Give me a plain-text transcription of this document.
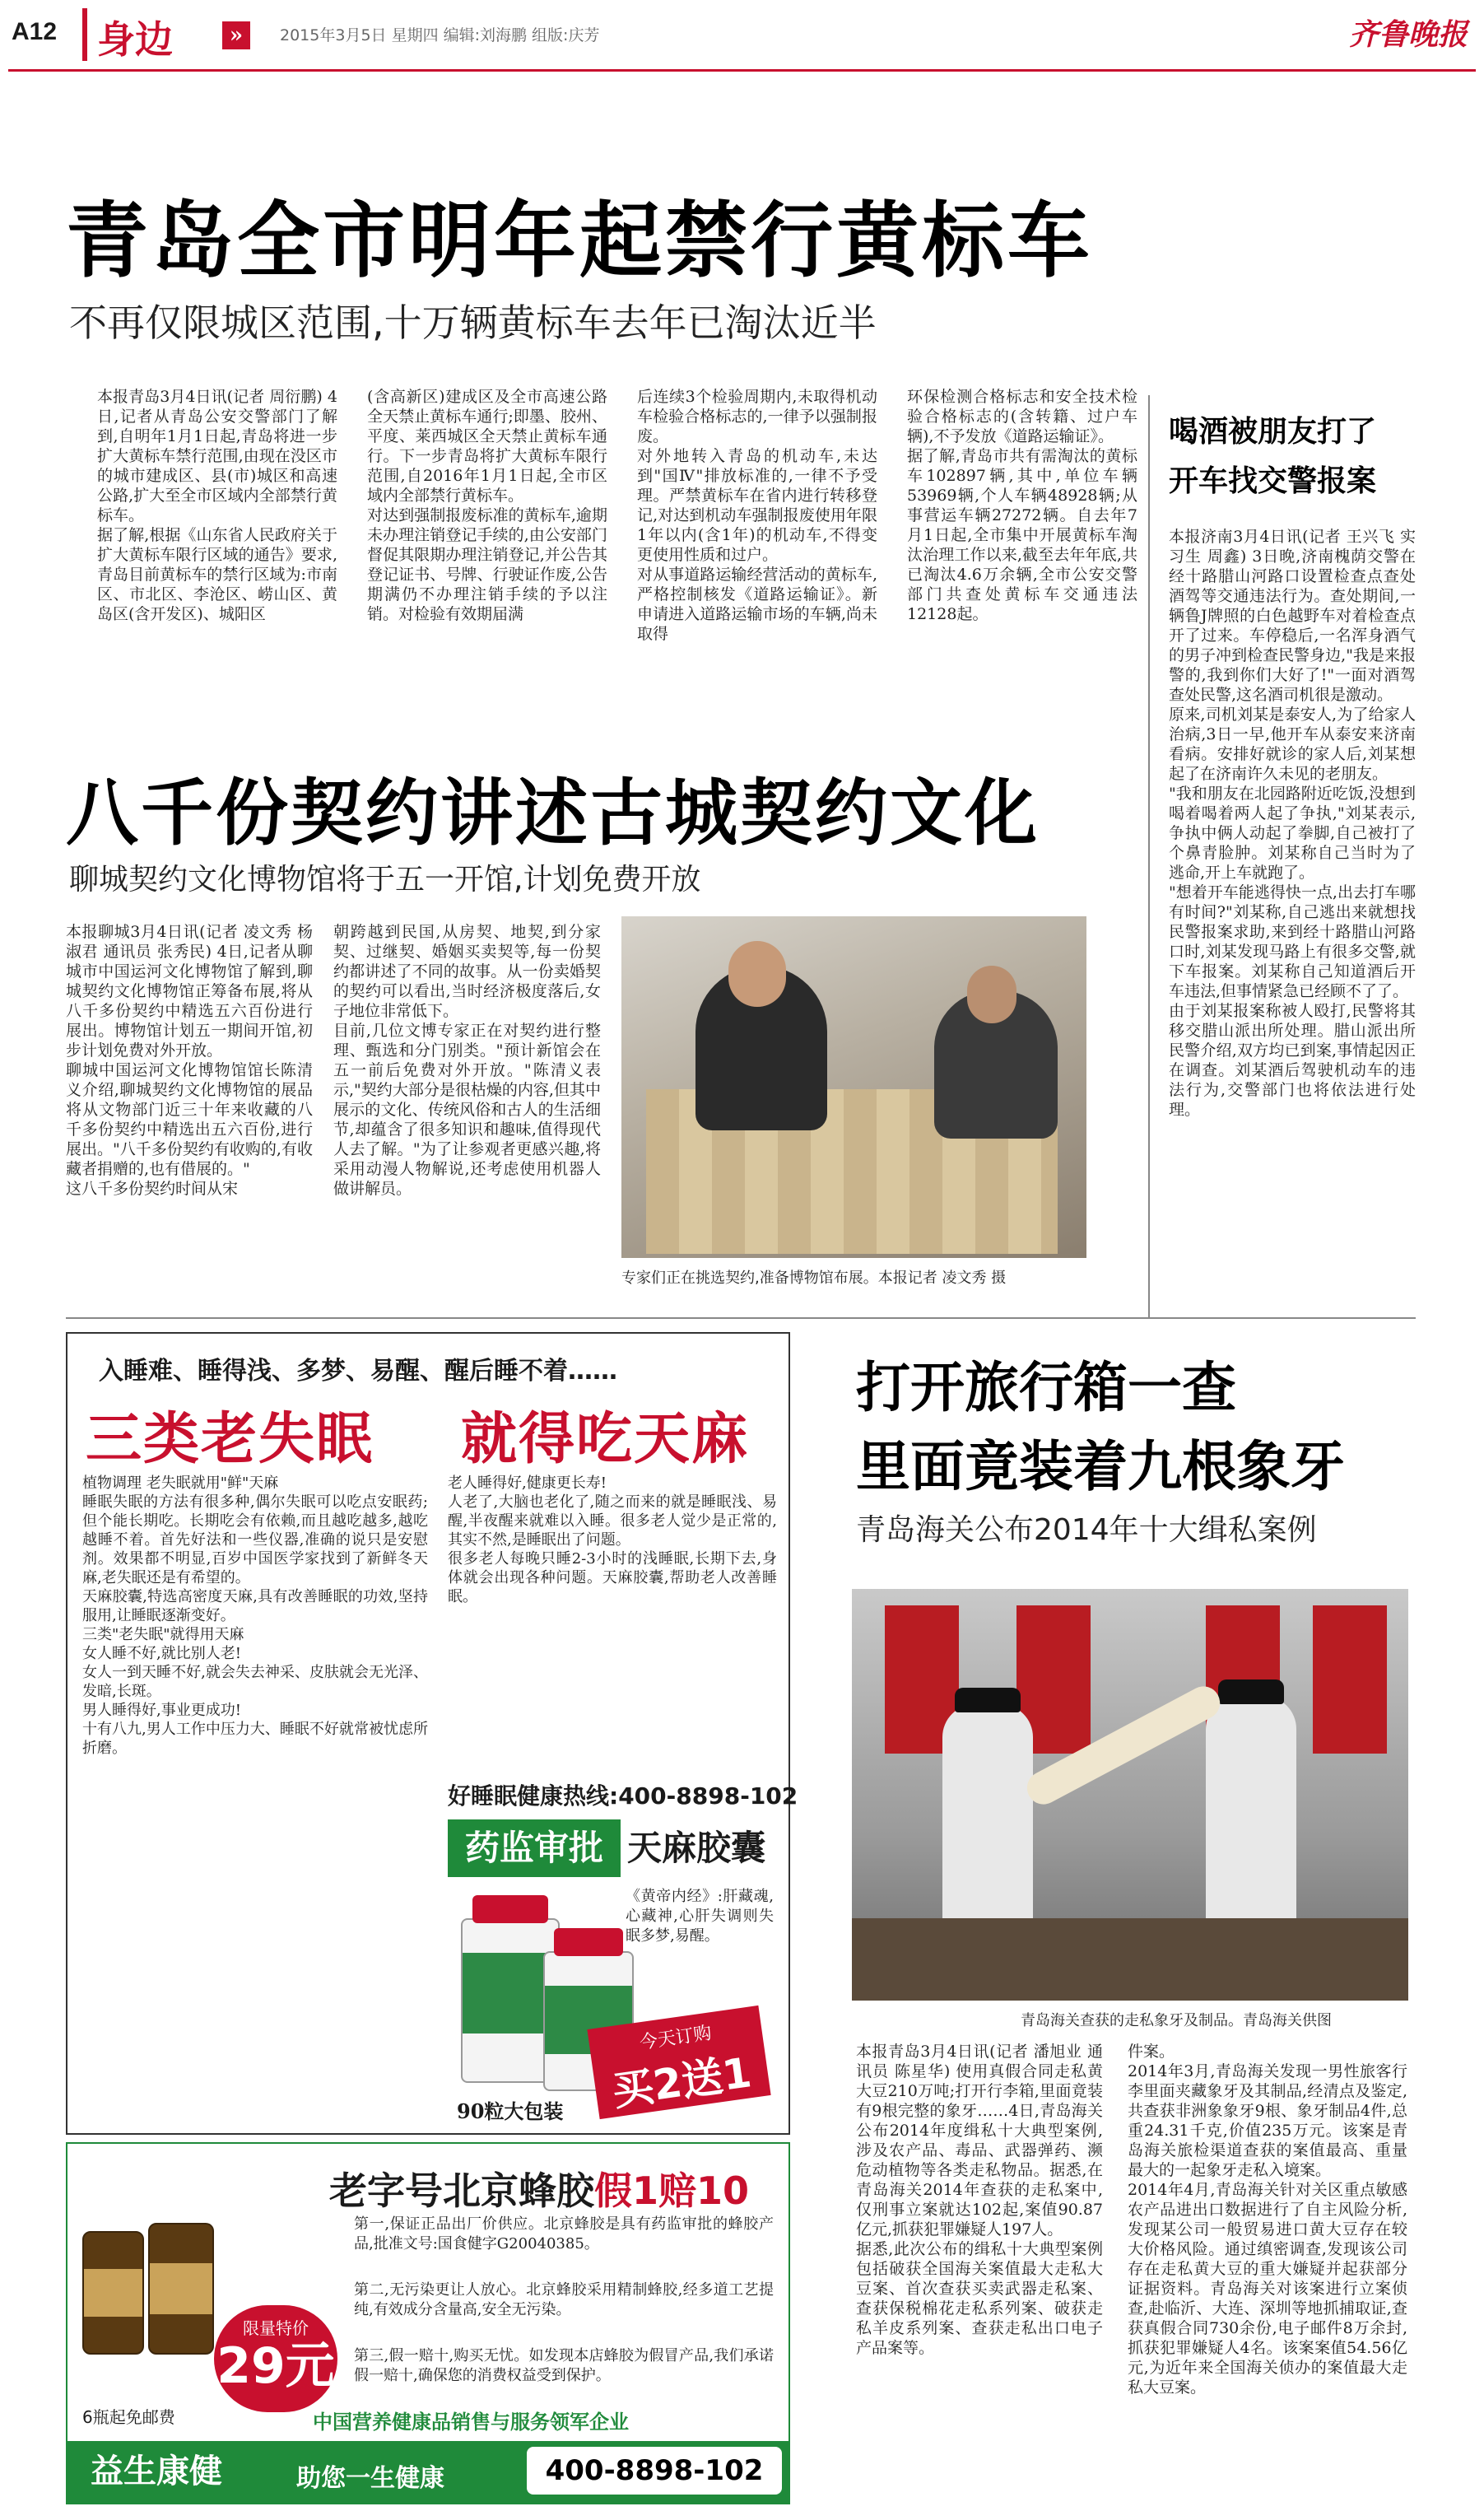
A12 身边	»	2015年3月5日 星期四 编辑:刘海鹏 组版:庆芳	齐鲁晚报
青岛全市明年起禁行黄标车
不再仅限城区范围,十万辆黄标车去年已淘汰近半
本报青岛3月4日讯(记者 周衍鹏) 4日,记者从青岛公安交警部门了解到,自明年1月1日起,青岛将进一步扩大黄标车禁行范围,由现在没区市的城市建成区、县(市)城区和高速公路,扩大至全市区域内全部禁行黄标车。
据了解,根据《山东省人民政府关于扩大黄标车限行区域的通告》要求,青岛目前黄标车的禁行区域为:市南区、市北区、李沧区、崂山区、黄岛区(含开发区)、城阳区
(含高新区)建成区及全市高速公路全天禁止黄标车通行;即墨、胶州、平度、莱西城区全天禁止黄标车通行。下一步青岛将扩大黄标车限行范围,自2016年1月1日起,全市区域内全部禁行黄标车。
对达到强制报废标准的黄标车,逾期未办理注销登记手续的,由公安部门督促其限期办理注销登记,并公告其登记证书、号牌、行驶证作废,公告期满仍不办理注销手续的予以注销。对检验有效期届满
后连续3个检验周期内,未取得机动车检验合格标志的,一律予以强制报废。
对外地转入青岛的机动车,未达到"国Ⅳ"排放标准的,一律不予受理。严禁黄标车在省内进行转移登记,对达到机动车强制报废使用年限1年以内(含1年)的机动车,不得变更使用性质和过户。
对从事道路运输经营活动的黄标车,严格控制核发《道路运输证》。新申请进入道路运输市场的车辆,尚未取得
环保检测合格标志和安全技术检验合格标志的(含转籍、过户车辆),不予发放《道路运输证》。
据了解,青岛市共有需淘汰的黄标车102897辆,其中,单位车辆53969辆,个人车辆48928辆;从事营运车辆27272辆。自去年7月1日起,全市集中开展黄标车淘汰治理工作以来,截至去年年底,共已淘汰4.6万余辆,全市公安交警部门共查处黄标车交通违法12128起。
喝酒被朋友打了
开车找交警报案
本报济南3月4日讯(记者 王兴飞 实习生 周鑫) 3日晚,济南槐荫交警在经十路腊山河路口设置检查点查处酒驾等交通违法行为。查处期间,一辆鲁J牌照的白色越野车对着检查点开了过来。车停稳后,一名浑身酒气的男子冲到检查民警身边,"我是来报警的,我到你们大好了!"一面对酒驾查处民警,这名酒司机很是激动。
原来,司机刘某是泰安人,为了给家人治病,3日一早,他开车从泰安来济南看病。安排好就诊的家人后,刘某想起了在济南许久未见的老朋友。
"我和朋友在北园路附近吃饭,没想到喝着喝着两人起了争执,"刘某表示,争执中俩人动起了拳脚,自己被打了个鼻青脸肿。刘某称自己当时为了逃命,开上车就跑了。
"想着开车能逃得快一点,出去打车哪有时间?"刘某称,自己逃出来就想找民警报案求助,来到经十路腊山河路口时,刘某发现马路上有很多交警,就下车报案。刘某称自己知道酒后开车违法,但事情紧急已经顾不了了。
由于刘某报案称被人殴打,民警将其移交腊山派出所处理。腊山派出所民警介绍,双方均已到案,事情起因正在调查。刘某酒后驾驶机动车的违法行为,交警部门也将依法进行处理。
八千份契约讲述古城契约文化
聊城契约文化博物馆将于五一开馆,计划免费开放
本报聊城3月4日讯(记者 凌文秀 杨淑君 通讯员 张秀民) 4日,记者从聊城市中国运河文化博物馆了解到,聊城契约文化博物馆正筹备布展,将从八千多份契约中精选五六百份进行展出。博物馆计划五一期间开馆,初步计划免费对外开放。
聊城中国运河文化博物馆馆长陈清义介绍,聊城契约文化博物馆的展品将从文物部门近三十年来收藏的八千多份契约中精选出五六百份,进行展出。"八千多份契约有收购的,有收藏者捐赠的,也有借展的。"
这八千多份契约时间从宋
朝跨越到民国,从房契、地契,到分家契、过继契、婚姻买卖契等,每一份契约都讲述了不同的故事。从一份卖婚契的契约可以看出,当时经济极度落后,女子地位非常低下。
目前,几位文博专家正在对契约进行整理、甄选和分门别类。"预计新馆会在五一前后免费对外开放。"陈清义表示,"契约大部分是很枯燥的内容,但其中展示的文化、传统风俗和古人的生活细节,却蕴含了很多知识和趣味,值得现代人去了解。"为了让参观者更感兴趣,将采用动漫人物解说,还考虑使用机器人做讲解员。
专家们正在挑选契约,准备博物馆布展。本报记者 凌文秀 摄
入睡难、睡得浅、多梦、易醒、醒后睡不着……
三类老失眠 就得吃天麻
植物调理 老失眠就用"鲜"天麻
睡眠失眠的方法有很多种,偶尔失眠可以吃点安眠药;但个能长期吃。长期吃会有依赖,而且越吃越多,越吃越睡不着。首先好法和一些仪器,准确的说只是安慰剂。效果都不明显,百岁中国医学家找到了新鲜冬天麻,老失眠还是有希望的。
天麻胶囊,特选高密度天麻,具有改善睡眠的功效,坚持服用,让睡眠逐渐变好。
三类"老失眠"就得用天麻
女人睡不好,就比别人老!
女人一到天睡不好,就会失去神采、皮肤就会无光泽、发暗,长斑。
男人睡得好,事业更成功!
十有八九,男人工作中压力大、睡眠不好就常被忧虑所折磨。
老人睡得好,健康更长寿!
人老了,大脑也老化了,随之而来的就是睡眠浅、易醒,半夜醒来就难以入睡。很多老人觉少是正常的,其实不然,是睡眠出了问题。
很多老人每晚只睡2-3小时的浅睡眠,长期下去,身体就会出现各种问题。天麻胶囊,帮助老人改善睡眠。
好睡眠健康热线:400-8898-102
药监审批 天麻胶囊
《黄帝内经》:肝藏魂,心藏神,心肝失调则失眠多梦,易醒。
今天订购
买2送1
90粒大包装
老字号北京蜂胶假1赔10
限量特价
29元
6瓶起免邮费
第一,保证正品出厂价供应。北京蜂胶是具有药监审批的蜂胶产品,批准文号:国食健字G20040385。
第二,无污染更让人放心。北京蜂胶采用精制蜂胶,经多道工艺提纯,有效成分含量高,安全无污染。
第三,假一赔十,购买无忧。如发现本店蜂胶为假冒产品,我们承诺假一赔十,确保您的消费权益受到保护。
中国营养健康品销售与服务领军企业
益生康健	助您一生健康	400-8898-102
打开旅行箱一查
里面竟装着九根象牙
青岛海关公布2014年十大缉私案例
青岛海关查获的走私象牙及制品。青岛海关供图
本报青岛3月4日讯(记者 潘旭业 通讯员 陈星华) 使用真假合同走私黄大豆210万吨;打开行李箱,里面竟装有9根完整的象牙……4日,青岛海关公布2014年度缉私十大典型案例,涉及农产品、毒品、武器弹药、濒危动植物等各类走私物品。据悉,在青岛海关2014年查获的走私案中,仅刑事立案就达102起,案值90.87亿元,抓获犯罪嫌疑人197人。
据悉,此次公布的缉私十大典型案例包括破获全国海关案值最大走私大豆案、首次查获买卖武器走私案、查获保税棉花走私系列案、破获走私羊皮系列案、查获走私出口电子产品案等。
件案。
2014年3月,青岛海关发现一男性旅客行李里面夹藏象牙及其制品,经清点及鉴定,共查获非洲象象牙9根、象牙制品4件,总重24.31千克,价值235万元。该案是青岛海关旅检渠道查获的案值最高、重量最大的一起象牙走私入境案。
2014年4月,青岛海关针对关区重点敏感农产品进出口数据进行了自主风险分析,发现某公司一般贸易进口黄大豆存在较大价格风险。通过缜密调查,发现该公司存在走私黄大豆的重大嫌疑并起获部分证据资料。青岛海关对该案进行立案侦查,赴临沂、大连、深圳等地抓捕取证,查获真假合同730余份,电子邮件8万余封,抓获犯罪嫌疑人4名。该案案值54.56亿元,为近年来全国海关侦办的案值最大走私大豆案。
